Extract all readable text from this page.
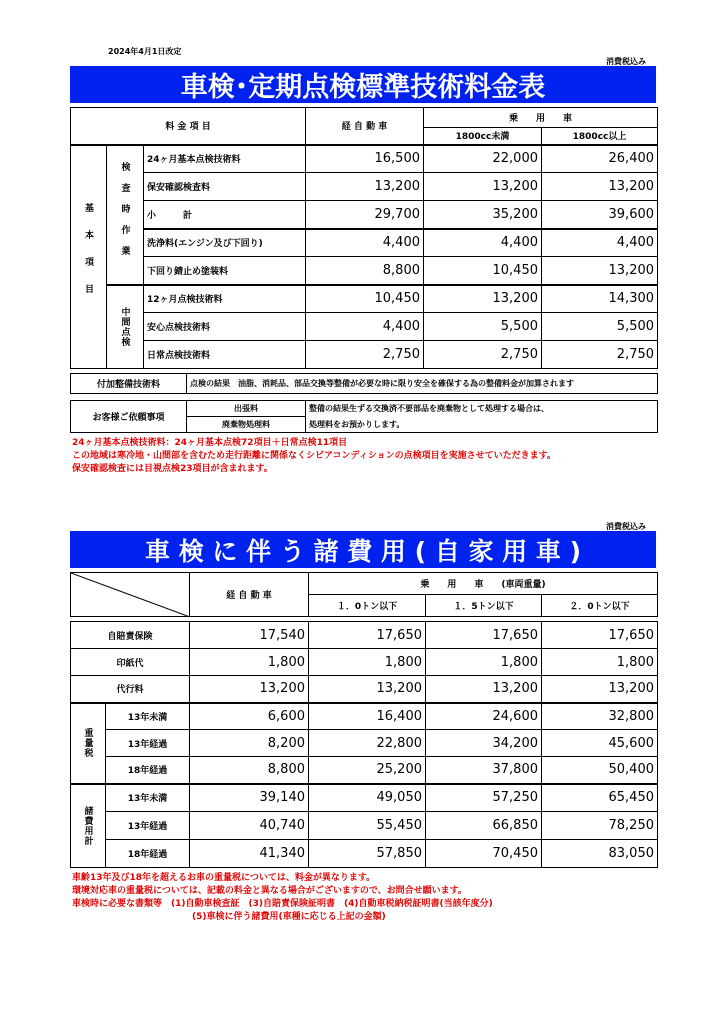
2024年4月1日改定
消費税込み
車検･定期点検標準技術料金表
料 金 項 目			経 自 動 車	乗　　用　　車	
				1800cc未満	1800cc以上
基本項目	検査時作業	24ヶ月基本点検技術料	16,500	22,000	26,400
		保安確認検査料	13,200	13,200	13,200
		小　　　計	29,700	35,200	39,600
		洗浄料(エンジン及び下回り)	4,400	4,400	4,400
		下回り錆止め塗装料	8,800	10,450	13,200
	中間点検	12ヶ月点検技術料	10,450	13,200	14,300
		安心点検技術料	4,400	5,500	5,500
		日常点検技術料	2,750	2,750	2,750
付加整備技術料	点検の結果　油脂、消耗品、部品交換等整備が必要な時に限り安全を確保する為の整備料金が加算されます
お客様ご依頼事項	出張料	整備の結果生ずる交換済不要部品を廃棄物として処理する場合は、
	廃棄物処理料	処理料をお預かりします。
24ヶ月基本点検技術料：24ヶ月基本点検72項目＋日常点検11項目
この地域は寒冷地・山間部を含むため走行距離に関係なくシビアコンディションの点検項目を実施させていただきます。
保安確認検査には目視点検23項目が含まれます。
消費税込み
車 検 に 伴 う 諸 費 用 ( 自 家 用 車 )
	経 自 動 車	乗　　用　　車　　(車両重量)		
			１．0トン以下	１．5トン以下	２．0トン以下

自賠責保険		17,540	17,650	17,650	17,650
印紙代		1,800	1,800	1,800	1,800
代行料		13,200	13,200	13,200	13,200
重量税	13年未満	6,600	16,400	24,600	32,800
	13年経過	8,200	22,800	34,200	45,600
	18年経過	8,800	25,200	37,800	50,400
諸費用計	13年未満	39,140	49,050	57,250	65,450
	13年経過	40,740	55,450	66,850	78,250
	18年経過	41,340	57,850	70,450	83,050
車齢13年及び18年を超えるお車の重量税については、料金が異なります。
環境対応車の重量税については、記載の料金と異なる場合がございますので、お問合せ願います。
車検時に必要な書類等　(1)自動車検査証　(3)自賠責保険証明書　(4)自動車税納税証明書(当該年度分)
(5)車検に伴う諸費用(車種に応じる上記の金額)
